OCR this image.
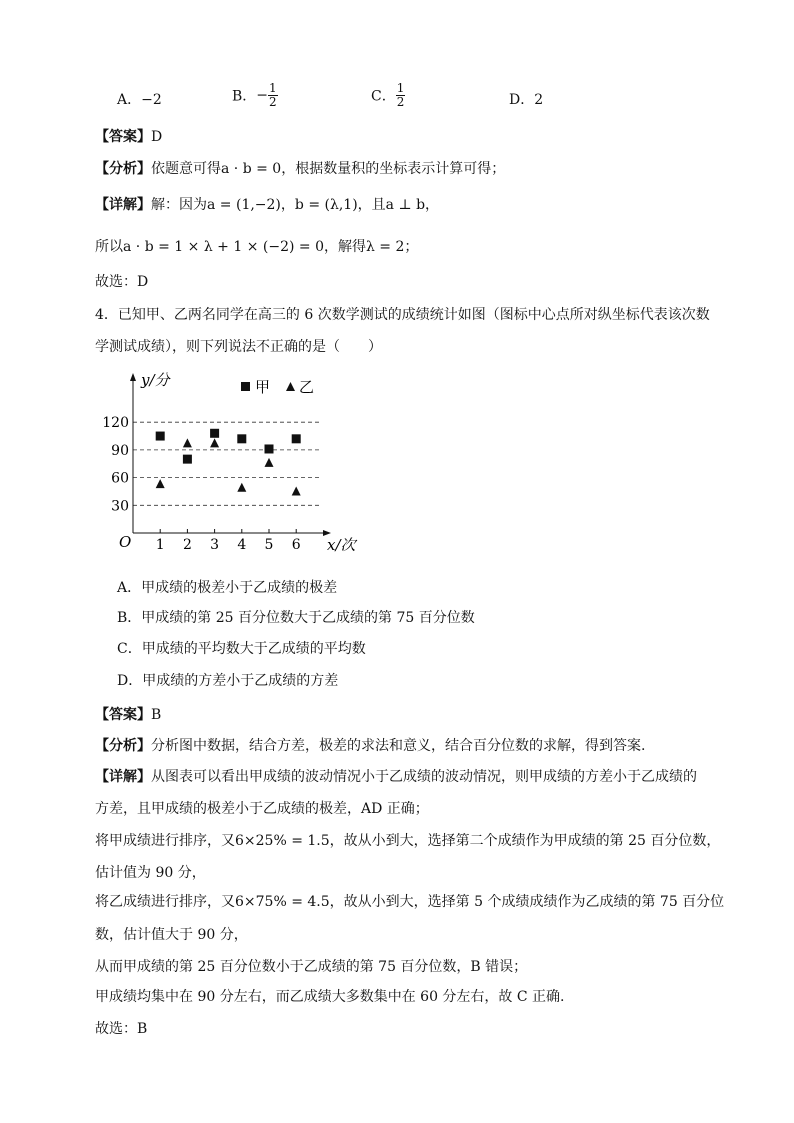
A．−2	B．− $\frac{1}{2}$	C． $\frac{1}{2}$	D．2
【答案】D
【分析】依题意可得a · b = 0，根据数量积的坐标表示计算可得；
【详解】解：因为a = (1,−2)，b = (λ,1)，且a ⊥ b，
所以a · b = 1 × λ + 1 × (−2) = 0，解得λ = 2；
故选：D
4．已知甲、乙两名同学在高三的 6 次数学测试的成绩统计如图（图标中心点所对纵坐标代表该次数
学测试成绩），则下列说法不正确的是（　　）
y/分
x/次
O
30
60
90
120
1 2 3 4 5 6
甲 乙
A．甲成绩的极差小于乙成绩的极差
B．甲成绩的第 25 百分位数大于乙成绩的第 75 百分位数
C．甲成绩的平均数大于乙成绩的平均数
D．甲成绩的方差小于乙成绩的方差
【答案】B
【分析】分析图中数据，结合方差，极差的求法和意义，结合百分位数的求解，得到答案.
【详解】从图表可以看出甲成绩的波动情况小于乙成绩的波动情况，则甲成绩的方差小于乙成绩的
方差，且甲成绩的极差小于乙成绩的极差，AD 正确；
将甲成绩进行排序，又6×25% = 1.5，故从小到大，选择第二个成绩作为甲成绩的第 25 百分位数，
估计值为 90 分，
将乙成绩进行排序，又6×75% = 4.5，故从小到大，选择第 5 个成绩成绩作为乙成绩的第 75 百分位
数，估计值大于 90 分，
从而甲成绩的第 25 百分位数小于乙成绩的第 75 百分位数，B 错误；
甲成绩均集中在 90 分左右，而乙成绩大多数集中在 60 分左右，故 C 正确.
故选：B
